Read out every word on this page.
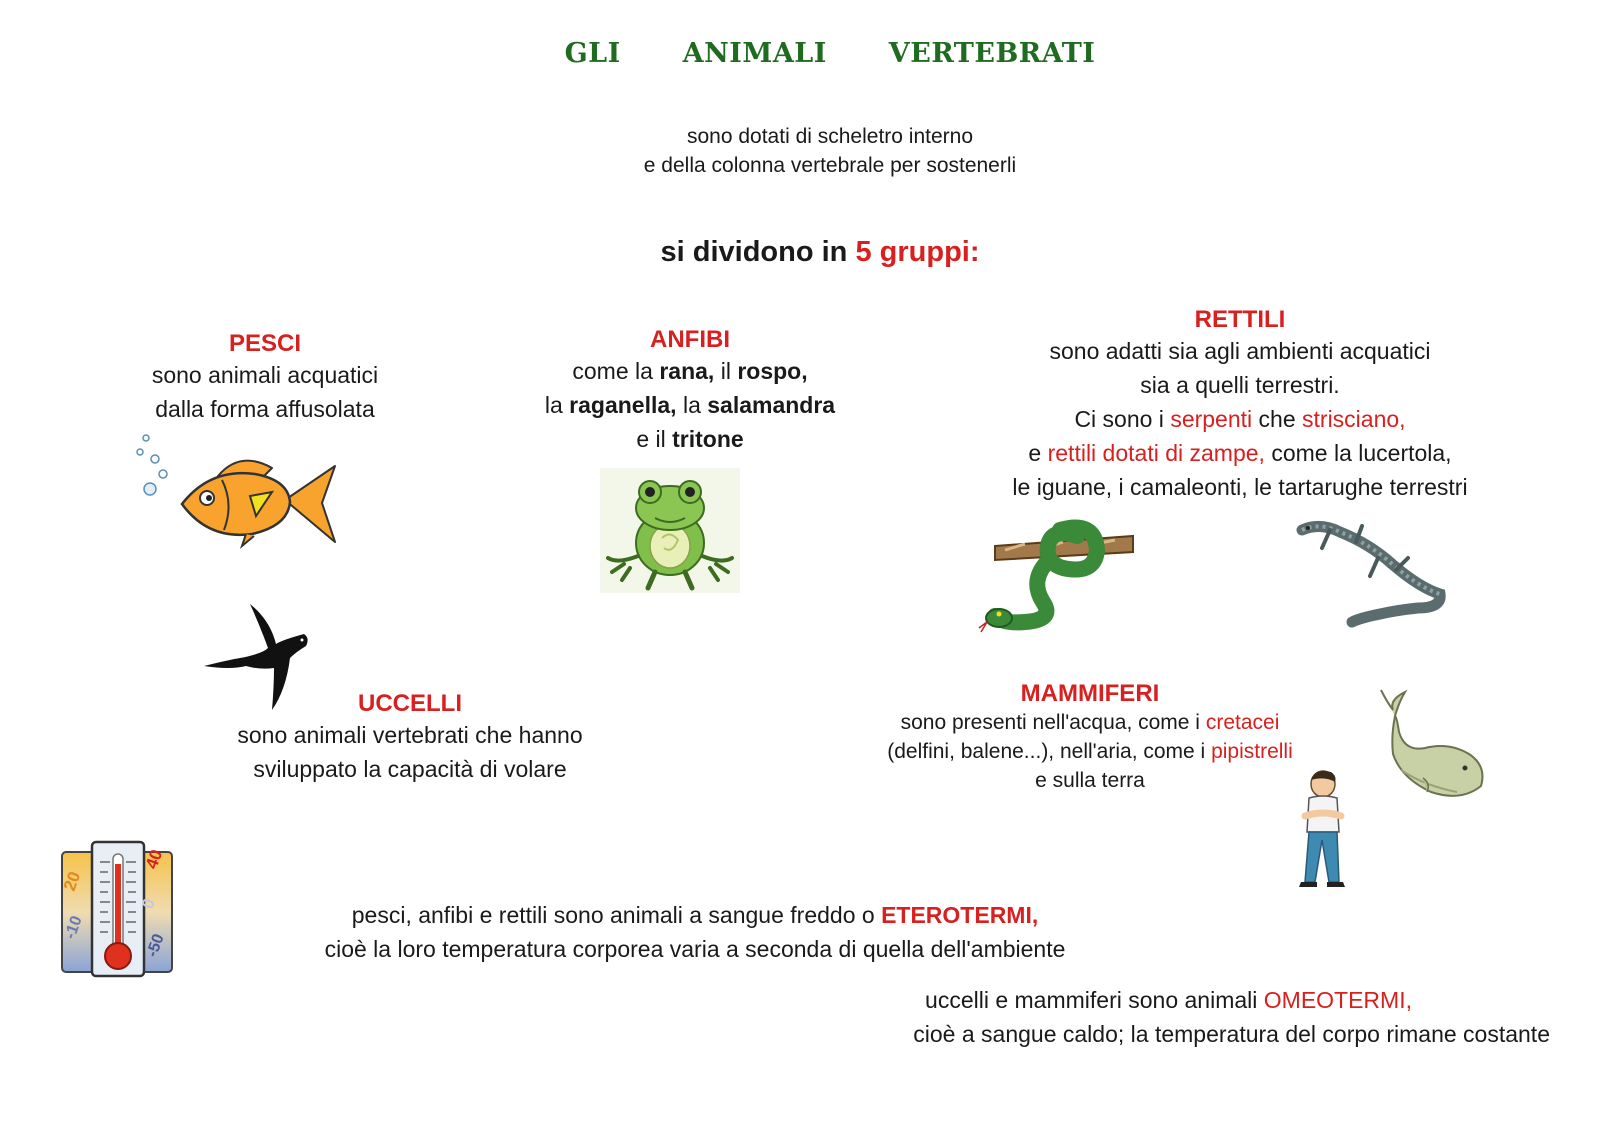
GLI ANIMALI VERTEBRATI
sono dotati di scheletro interno
e della colonna vertebrale per sostenerli
si dividono in 5 gruppi:
PESCI
sono animali acquatici
dalla forma affusolata
ANFIBI
come la rana, il rospo,
la raganella, la salamandra
e il tritone
RETTILI
sono adatti sia agli ambienti acquatici
sia a quelli terrestri.
Ci sono i serpenti che strisciano,
e rettili dotati di zampe, come la lucertola,
le iguane, i camaleonti, le tartarughe terrestri
UCCELLI
sono animali vertebrati che hanno
sviluppato la capacità di volare
MAMMIFERI
sono presenti nell'acqua, come i cretacei
(delfini, balene...), nell'aria, come i pipistrelli
e sulla terra
pesci, anfibi e rettili sono animali a sangue freddo o ETEROTERMI,
cioè la loro temperatura corporea varia a seconda di quella dell'ambiente
uccelli e mammiferi sono animali OMEOTERMI,
cioè a sangue caldo; la temperatura del corpo rimane costante
40
20
0
-10
-50
